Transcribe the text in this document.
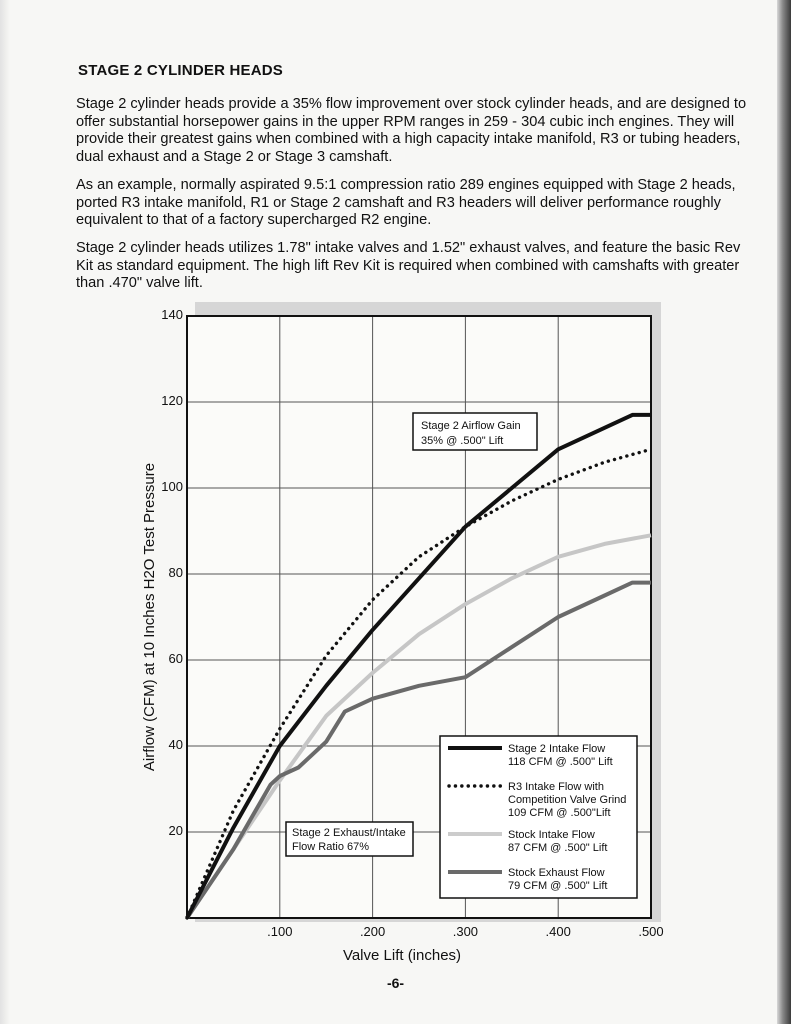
STAGE 2 CYLINDER HEADS

Stage 2 cylinder heads provide a 35% flow improvement over stock cylinder heads, and are designed to offer substantial horsepower gains in the upper RPM ranges in 259 - 304 cubic inch engines. They will provide their greatest gains when combined with a high capacity intake manifold, R3 or tubing headers, dual exhaust and a Stage 2 or Stage 3 camshaft.

As an example, normally aspirated 9.5:1 compression ratio 289 engines equipped with Stage 2 heads, ported R3 intake manifold, R1 or Stage 2 camshaft and R3 headers will deliver performance roughly equivalent to that of a factory supercharged R2 engine.

Stage 2 cylinder heads utilizes 1.78" intake valves and 1.52" exhaust valves, and feature the basic Rev Kit as standard equipment. The high lift Rev Kit is required when combined with camshafts with greater than .470" valve lift.

.100	.200	.300	.400	.500
20
40
60
80
100
120
140
Valve Lift (inches)
Airflow (CFM) at 10 Inches H2O Test Pressure
Stage 2 Airflow Gain
35% @ .500" Lift
Stage 2 Exhaust/Intake
Flow Ratio 67%
Stage 2 Intake Flow
118 CFM @ .500" Lift
R3 Intake Flow with
Competition Valve Grind
109 CFM @ .500"Lift
Stock Intake Flow
87 CFM @ .500" Lift
Stock Exhaust Flow
79 CFM @ .500" Lift
-6-
